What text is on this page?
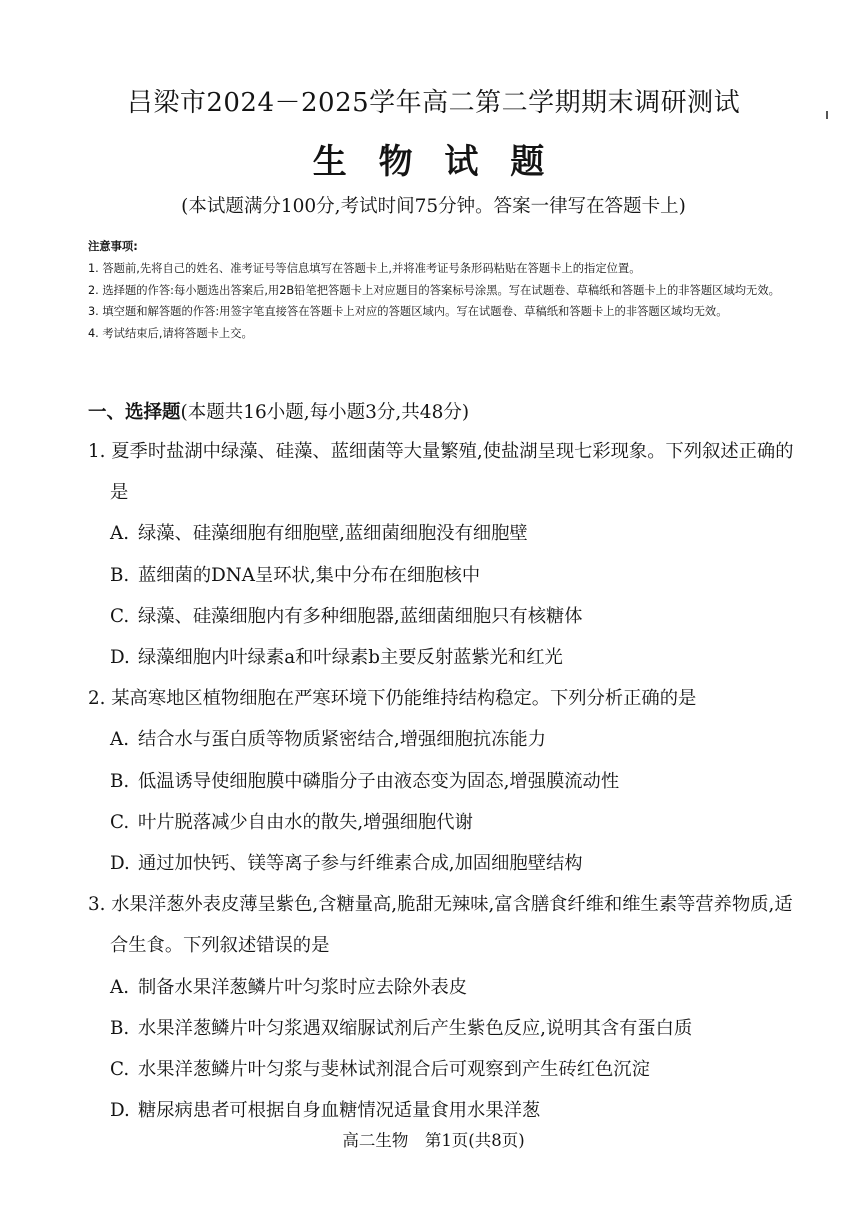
吕梁市2024－2025学年高二第二学期期末调研测试
生 物 试 题
(本试题满分100分,考试时间75分钟。答案一律写在答题卡上)
注意事项:
1. 答题前,先将自己的姓名、准考证号等信息填写在答题卡上,并将准考证号条形码粘贴在答题卡上的指定位置。
2. 选择题的作答:每小题选出答案后,用2B铅笔把答题卡上对应题目的答案标号涂黑。写在试题卷、草稿纸和答题卡上的非答题区域均无效。
3. 填空题和解答题的作答:用签字笔直接答在答题卡上对应的答题区域内。写在试题卷、草稿纸和答题卡上的非答题区域均无效。
4. 考试结束后,请将答题卡上交。
一、选择题(本题共16小题,每小题3分,共48分)
1. 夏季时盐湖中绿藻、硅藻、蓝细菌等大量繁殖,使盐湖呈现七彩现象。下列叙述正确的是
A. 绿藻、硅藻细胞有细胞壁,蓝细菌细胞没有细胞壁
B. 蓝细菌的DNA呈环状,集中分布在细胞核中
C. 绿藻、硅藻细胞内有多种细胞器,蓝细菌细胞只有核糖体
D. 绿藻细胞内叶绿素a和叶绿素b主要反射蓝紫光和红光
2. 某高寒地区植物细胞在严寒环境下仍能维持结构稳定。下列分析正确的是
A. 结合水与蛋白质等物质紧密结合,增强细胞抗冻能力
B. 低温诱导使细胞膜中磷脂分子由液态变为固态,增强膜流动性
C. 叶片脱落减少自由水的散失,增强细胞代谢
D. 通过加快钙、镁等离子参与纤维素合成,加固细胞壁结构
3. 水果洋葱外表皮薄呈紫色,含糖量高,脆甜无辣味,富含膳食纤维和维生素等营养物质,适合生食。下列叙述错误的是
A. 制备水果洋葱鳞片叶匀浆时应去除外表皮
B. 水果洋葱鳞片叶匀浆遇双缩脲试剂后产生紫色反应,说明其含有蛋白质
C. 水果洋葱鳞片叶匀浆与斐林试剂混合后可观察到产生砖红色沉淀
D. 糖尿病患者可根据自身血糖情况适量食用水果洋葱
高二生物　第1页(共8页)
